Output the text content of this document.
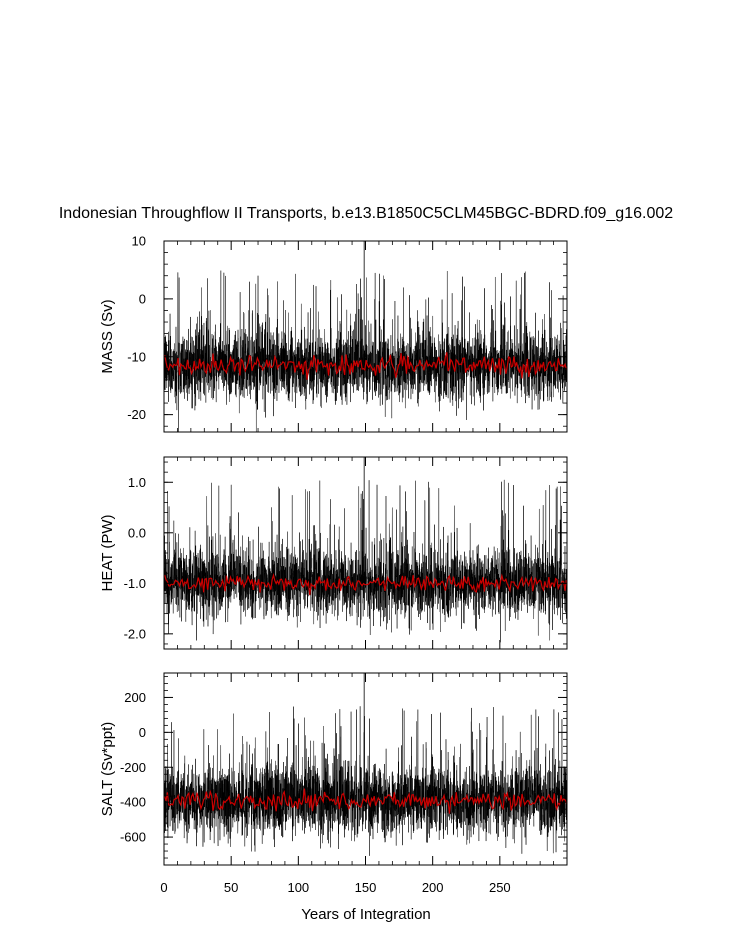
Indonesian Throughflow II Transports, b.e13.B1850C5CLM45BGC-BDRD.f09_g16.002
Years of Integration
10
0
-10
-20
MASS (Sv)
1.0
0.0
-1.0
-2.0
HEAT (PW)
200
0
-200
-400
-600
SALT (Sv*ppt)
0	50	100	150	200	250
